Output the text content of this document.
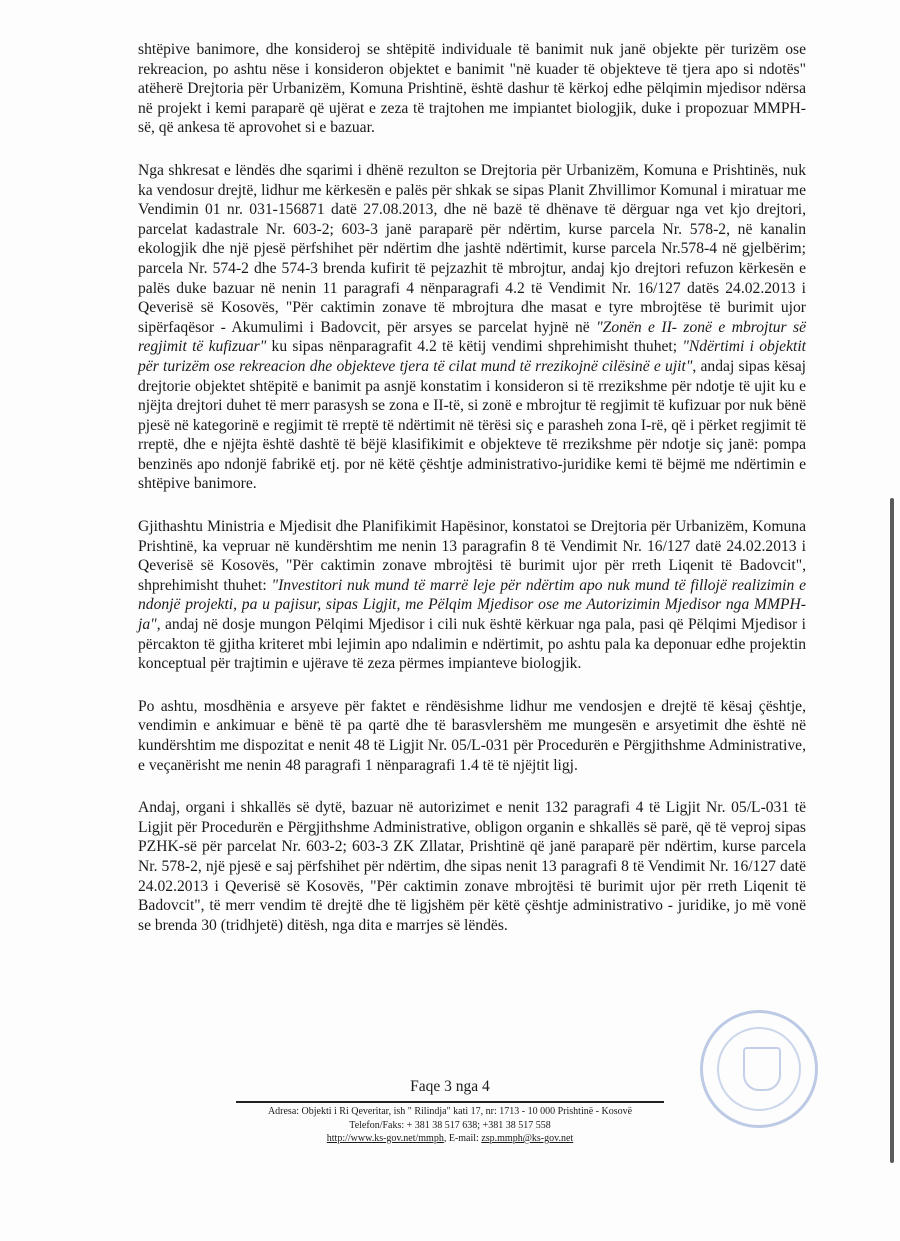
shtëpive banimore, dhe konsideroj se shtëpitë individuale të banimit nuk janë objekte për turizëm ose rekreacion, po ashtu nëse i konsideron objektet e banimit "në kuader të objekteve të tjera apo si ndotës" atëherë Drejtoria për Urbanizëm, Komuna Prishtinë, është dashur të kërkoj edhe pëlqimin mjedisor ndërsa në projekt i kemi paraparë që ujërat e zeza të trajtohen me impiantet biologjik, duke i propozuar MMPH-së, që ankesa të aprovohet si e bazuar.

Nga shkresat e lëndës dhe sqarimi i dhënë rezulton se Drejtoria për Urbanizëm, Komuna e Prishtinës, nuk ka vendosur drejtë, lidhur me kërkesën e palës për shkak se sipas Planit Zhvillimor Komunal i miratuar me Vendimin 01 nr. 031-156871 datë 27.08.2013, dhe në bazë të dhënave të dërguar nga vet kjo drejtori, parcelat kadastrale Nr. 603-2; 603-3 janë paraparë për ndërtim, kurse parcela Nr. 578-2, në kanalin ekologjik dhe një pjesë përfshihet për ndërtim dhe jashtë ndërtimit, kurse parcela Nr.578-4 në gjelbërim; parcela Nr. 574-2 dhe 574-3 brenda kufirit të pejzazhit të mbrojtur, andaj kjo drejtori refuzon kërkesën e palës duke bazuar në nenin 11 paragrafi 4 nënparagrafi 4.2 të Vendimit Nr. 16/127 datës 24.02.2013 i Qeverisë së Kosovës, "Për caktimin zonave të mbrojtura dhe masat e tyre mbrojtëse të burimit ujor sipërfaqësor - Akumulimi i Badovcit, për arsyes se parcelat hyjnë në "Zonën e II- zonë e mbrojtur së regjimit të kufizuar" ku sipas nënparagrafit 4.2 të këtij vendimi shprehimisht thuhet; "Ndërtimi i objektit për turizëm ose rekreacion dhe objekteve tjera të cilat mund të rrezikojnë cilësinë e ujit", andaj sipas kësaj drejtorie objektet shtëpitë e banimit pa asnjë konstatim i konsideron si të rrezikshme për ndotje të ujit ku e njëjta drejtori duhet të merr parasysh se zona e II-të, si zonë e mbrojtur të regjimit të kufizuar por nuk bënë pjesë në kategorinë e regjimit të rreptë të ndërtimit në tërësi siç e parasheh zona I-rë, që i përket regjimit të rreptë, dhe e njëjta është dashtë të bëjë klasifikimit e objekteve të rrezikshme për ndotje siç janë: pompa benzinës apo ndonjë fabrikë etj. por në këtë çështje administrativo-juridike kemi të bëjmë me ndërtimin e shtëpive banimore.

Gjithashtu Ministria e Mjedisit dhe Planifikimit Hapësinor, konstatoi se Drejtoria për Urbanizëm, Komuna Prishtinë, ka vepruar në kundërshtim me nenin 13 paragrafin 8 të Vendimit Nr. 16/127 datë 24.02.2013 i Qeverisë së Kosovës, "Për caktimin zonave mbrojtësi të burimit ujor për rreth Liqenit të Badovcit", shprehimisht thuhet: "Investitori nuk mund të marrë leje për ndërtim apo nuk mund të fillojë realizimin e ndonjë projekti, pa u pajisur, sipas Ligjit, me Pëlqim Mjedisor ose me Autorizimin Mjedisor nga MMPH-ja", andaj në dosje mungon Pëlqimi Mjedisor i cili nuk është kërkuar nga pala, pasi që Pëlqimi Mjedisor i përcakton të gjitha kriteret mbi lejimin apo ndalimin e ndërtimit, po ashtu pala ka deponuar edhe projektin konceptual për trajtimin e ujërave të zeza përmes impianteve biologjik.

Po ashtu, mosdhënia e arsyeve për faktet e rëndësishme lidhur me vendosjen e drejtë të kësaj çështje, vendimin e ankimuar e bënë të pa qartë dhe të barasvlershëm me mungesën e arsyetimit dhe është në kundërshtim me dispozitat e nenit 48 të Ligjit Nr. 05/L-031 për Procedurën e Përgjithshme Administrative, e veçanërisht me nenin 48 paragrafi 1 nënparagrafi 1.4 të të njëjtit ligj.

Andaj, organi i shkallës së dytë, bazuar në autorizimet e nenit 132 paragrafi 4 të Ligjit Nr. 05/L-031 të Ligjit për Procedurën e Përgjithshme Administrative, obligon organin e shkallës së parë, që të veproj sipas PZHK-së për parcelat Nr. 603-2; 603-3 ZK Zllatar, Prishtinë që janë paraparë për ndërtim, kurse parcela Nr. 578-2, një pjesë e saj përfshihet për ndërtim, dhe sipas nenit 13 paragrafi 8 të Vendimit Nr. 16/127 datë 24.02.2013 i Qeverisë së Kosovës, "Për caktimin zonave mbrojtësi të burimit ujor për rreth Liqenit të Badovcit", të merr vendim të drejtë dhe të ligjshëm për këtë çështje administrativo - juridike, jo më vonë se brenda 30 (tridhjetë) ditësh, nga dita e marrjes së lëndës.

Faqe 3 nga 4
Adresa: Objekti i Ri Qeveritar, ish " Rilindja" kati 17, nr: 1713 - 10 000 Prishtinë - Kosovë
Telefon/Faks: + 381 38 517 638; +381 38 517 558
http://www.ks-gov.net/mmph, E-mail: zsp.mmph@ks-gov.net
